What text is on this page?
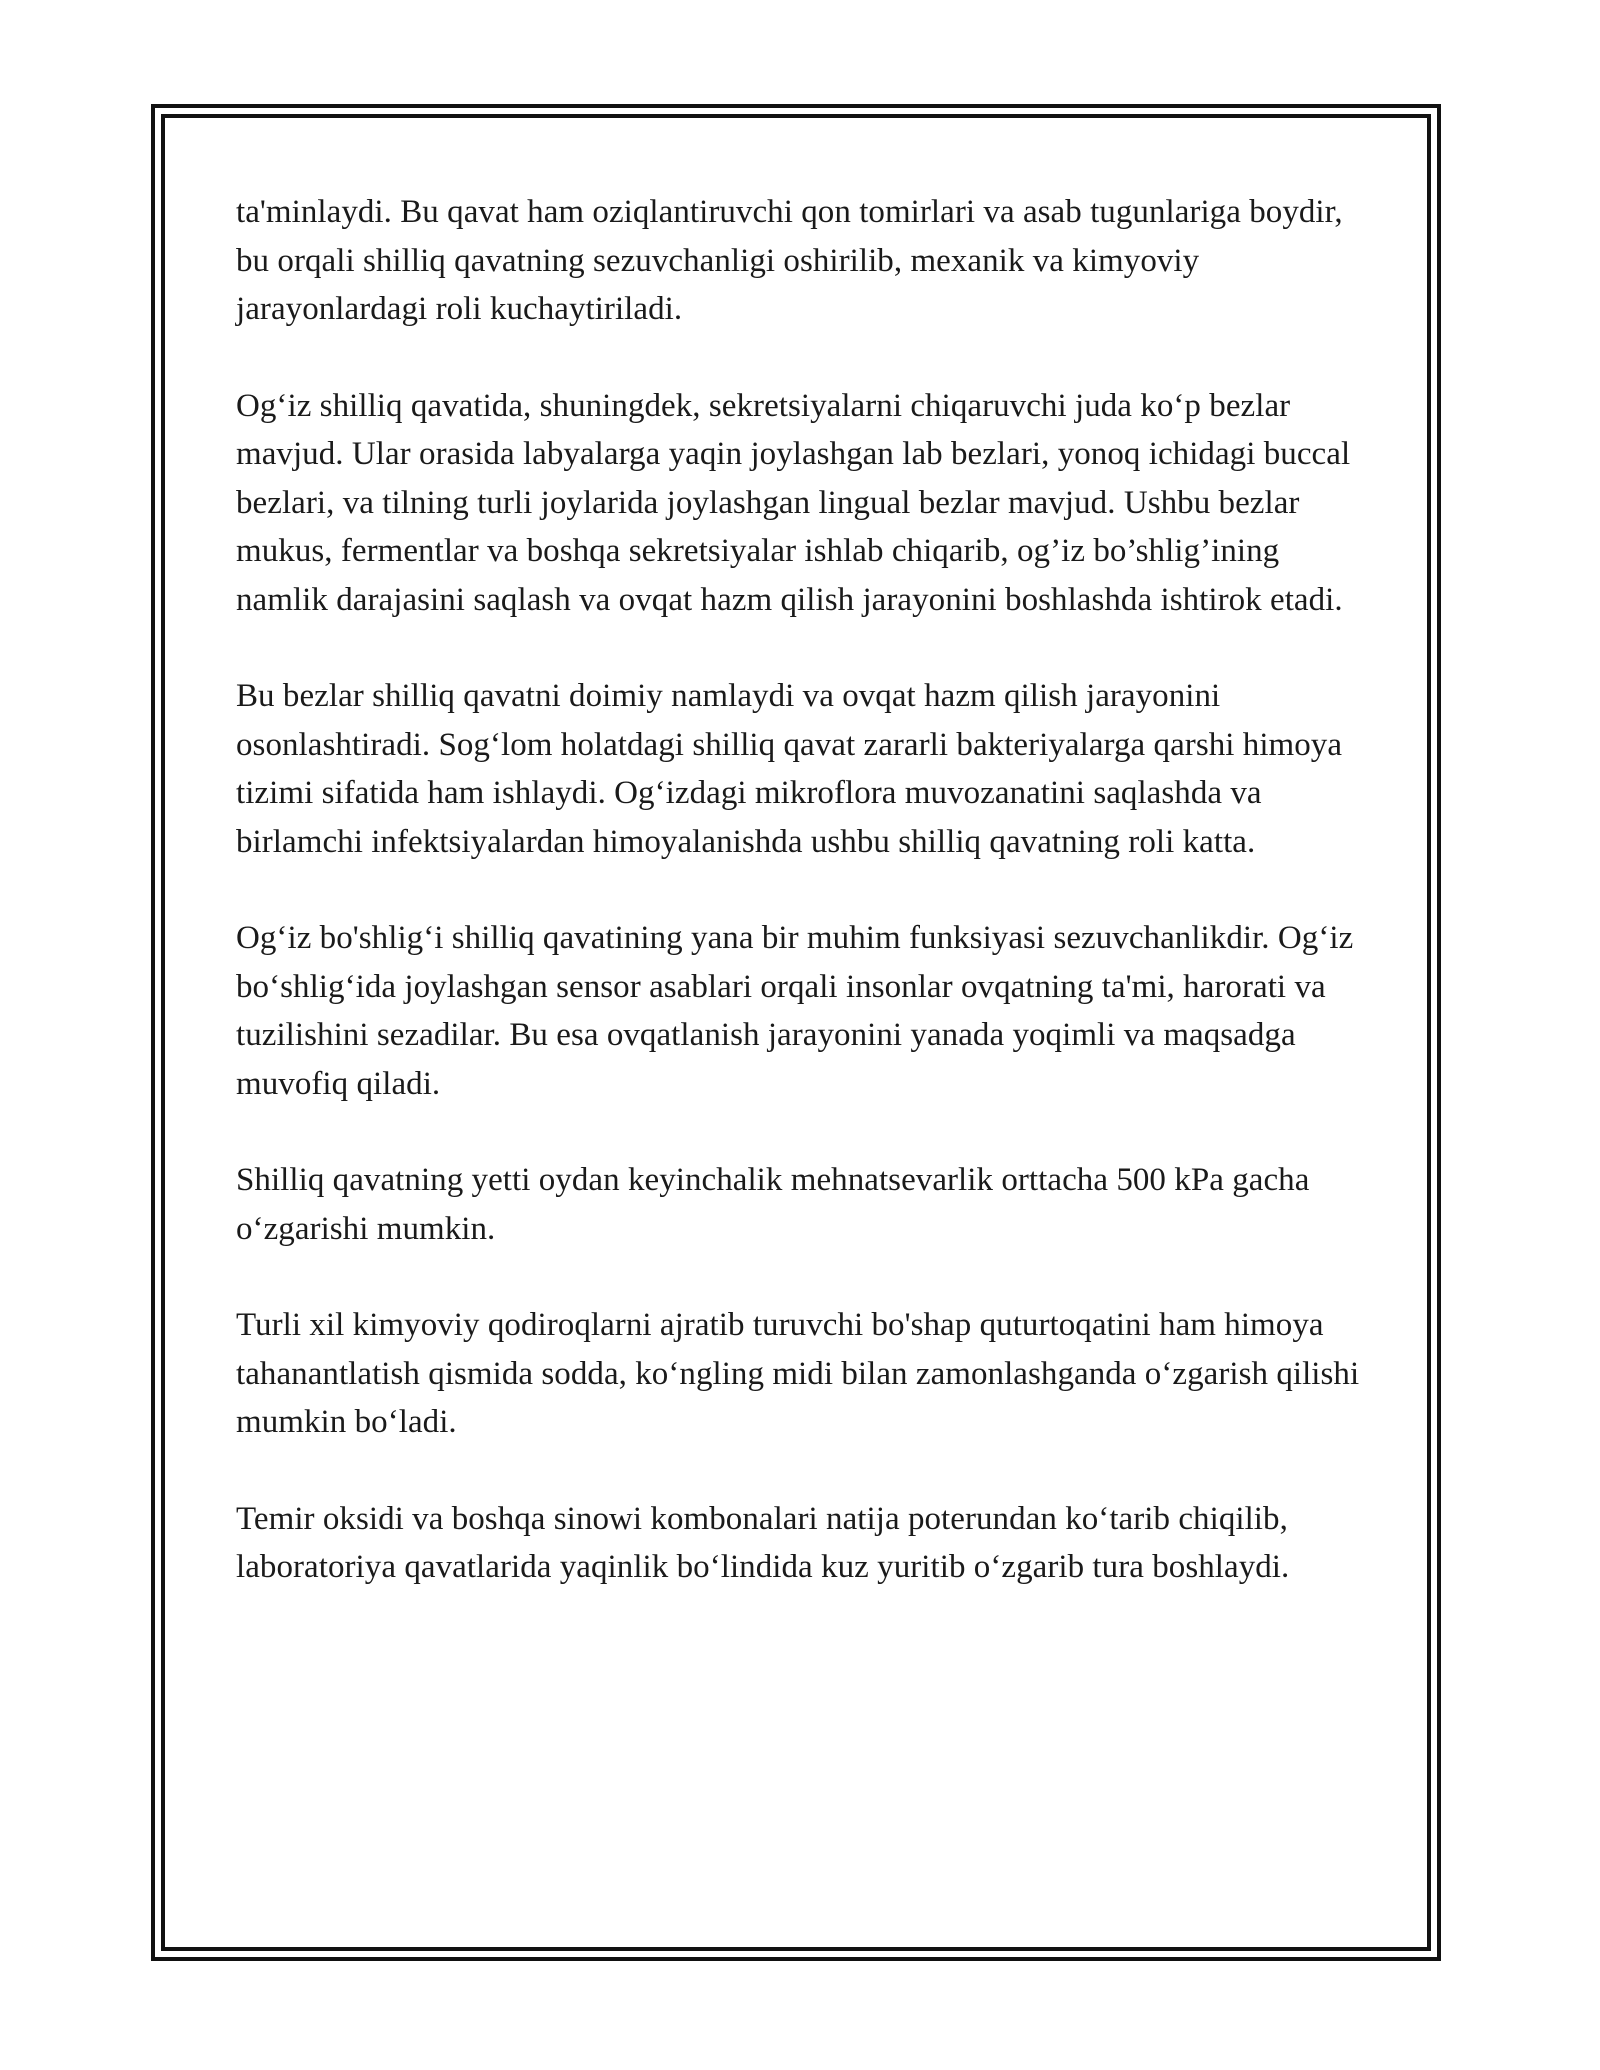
ta'minlaydi. Bu qavat ham oziqlantiruvchi qon tomirlari va asab tugunlariga boydir, bu orqali shilliq qavatning sezuvchanligi oshirilib, mexanik va kimyoviy jarayonlardagi roli kuchaytiriladi.

Og‘iz shilliq qavatida, shuningdek, sekretsiyalarni chiqaruvchi juda ko‘p bezlar mavjud. Ular orasida labyalarga yaqin joylashgan lab bezlari, yonoq ichidagi buccal bezlari, va tilning turli joylarida joylashgan lingual bezlar mavjud. Ushbu bezlar mukus, fermentlar va boshqa sekretsiyalar ishlab chiqarib, og’iz bo’shlig’ining namlik darajasini saqlash va ovqat hazm qilish jarayonini boshlashda ishtirok etadi.

Bu bezlar shilliq qavatni doimiy namlaydi va ovqat hazm qilish jarayonini osonlashtiradi. Sog‘lom holatdagi shilliq qavat zararli bakteriyalarga qarshi himoya tizimi sifatida ham ishlaydi. Og‘izdagi mikroflora muvozanatini saqlashda va birlamchi infektsiyalardan himoyalanishda ushbu shilliq qavatning roli katta.

Og‘iz bo'shlig‘i shilliq qavatining yana bir muhim funksiyasi sezuvchanlikdir. Og‘iz bo‘shlig‘ida joylashgan sensor asablari orqali insonlar ovqatning ta'mi, harorati va tuzilishini sezadilar. Bu esa ovqatlanish jarayonini yanada yoqimli va maqsadga muvofiq qiladi.

Shilliq qavatning yetti oydan keyinchalik mehnatsevarlik orttacha 500 kPa gacha o‘zgarishi mumkin.

Turli xil kimyoviy qodiroqlarni ajratib turuvchi bo'shap quturtoqatini ham himoya tahanantlatish qismida sodda, ko‘ngling midi bilan zamonlashganda o‘zgarish qilishi mumkin bo‘ladi.

Temir oksidi va boshqa sinowi kombonalari natija poterundan ko‘tarib chiqilib, laboratoriya qavatlarida yaqinlik bo‘lindida kuz yuritib o‘zgarib tura boshlaydi.
